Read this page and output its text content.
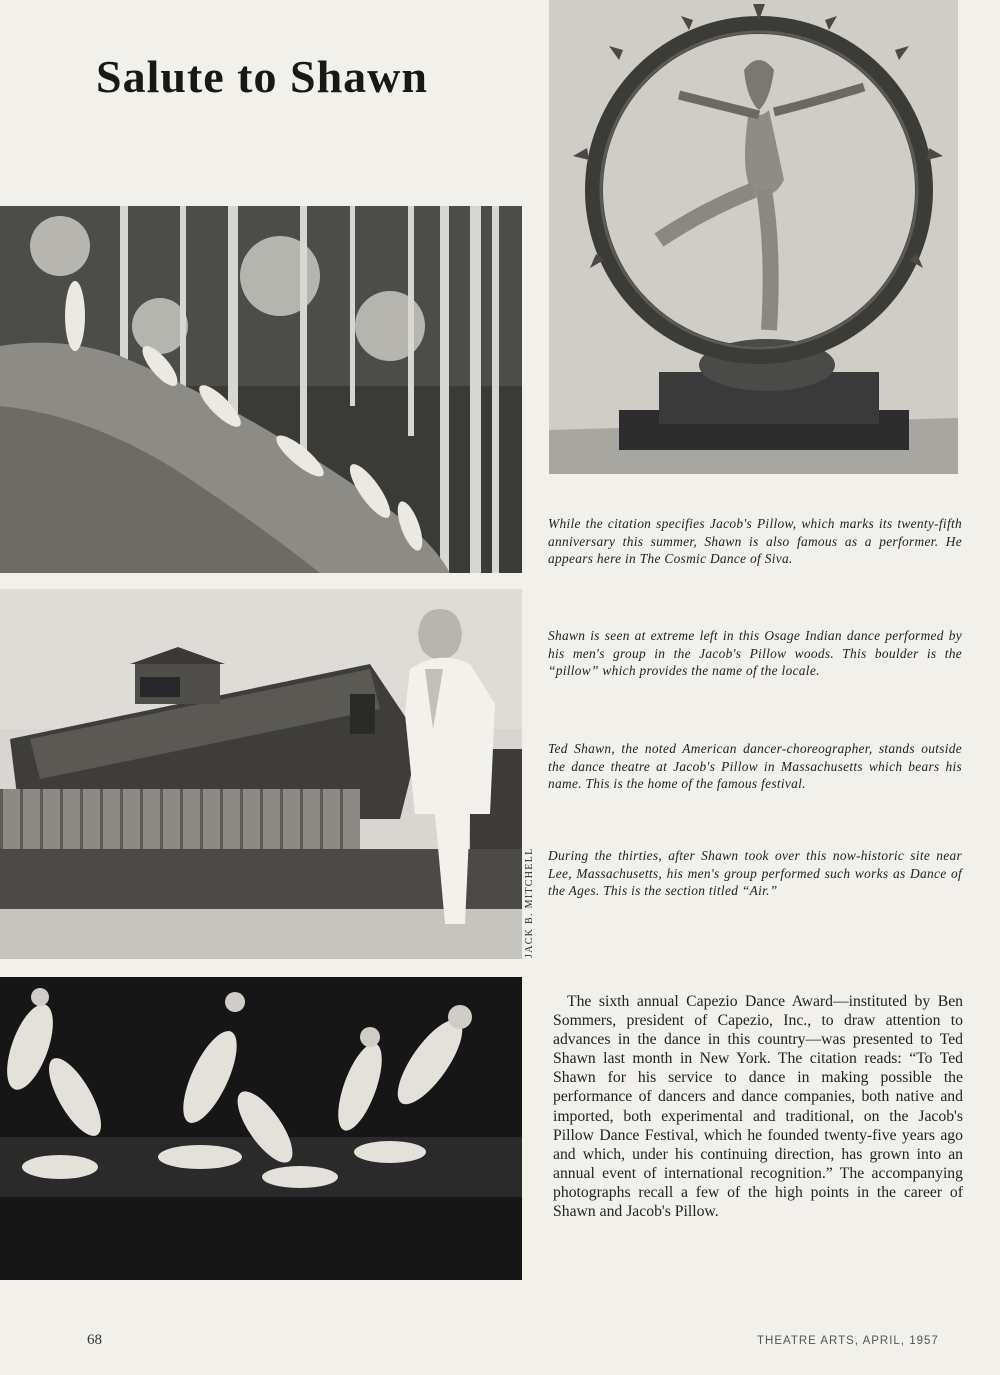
Salute to Shawn
JACK B. MITCHELL

While the citation specifies Jacob's Pillow, which marks its twenty-fifth anniversary this summer, Shawn is also famous as a performer. He appears here in The Cosmic Dance of Siva.

Shawn is seen at extreme left in this Osage Indian dance performed by his men's group in the Jacob's Pillow woods. This boulder is the “pillow” which provides the name of the locale.

Ted Shawn, the noted American dancer-choreographer, stands outside the dance theatre at Jacob's Pillow in Massachusetts which bears his name. This is the home of the famous festival.

During the thirties, after Shawn took over this now-historic site near Lee, Massachusetts, his men's group performed such works as Dance of the Ages. This is the section titled “Air.”

The sixth annual Capezio Dance Award—instituted by Ben Sommers, president of Capezio, Inc., to draw attention to advances in the dance in this country—was presented to Ted Shawn last month in New York. The citation reads: “To Ted Shawn for his service to dance in making possible the performance of dancers and dance companies, both native and imported, both experimental and traditional, on the Jacob's Pillow Dance Festival, which he founded twenty-five years ago and which, under his continuing direction, has grown into an annual event of international recognition.” The accompanying photographs recall a few of the high points in the career of Shawn and Jacob's Pillow.

68	THEATRE ARTS, APRIL, 1957
